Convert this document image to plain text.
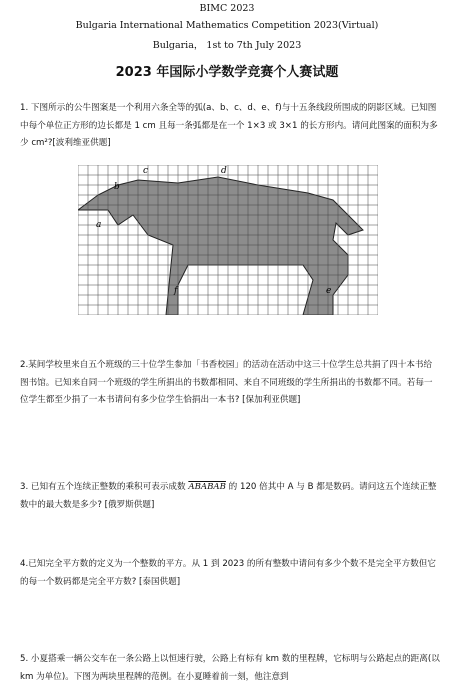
BIMC 2023
Bulgaria International Mathematics Competition 2023(Virtual)
Bulgaria， 1st to 7th July 2023
2023 年国际小学数学竞赛个人赛试题
1. 下图所示的公牛图案是一个利用六条全等的弧(a、b、c、d、e、f)与十五条线段所围成的阴影区域。已知图中每个单位正方形的边长都是 1 cm 且每一条弧都是在一个 1×3 或 3×1 的长方形内。请问此图案的面积为多少 cm²?[波利维亚供题]
a
b
c	d
e
f
2.某间学校里来自五个班级的三十位学生参加「书香校园」的活动在活动中这三十位学生总共捐了四十本书给图书馆。已知来自同一个班级的学生所捐出的书数都相同、来自不同班级的学生所捐出的书数都不同。若每一位学生都至少捐了一本书请问有多少位学生恰捐出一本书? [保加利亚供题]
3. 已知有五个连续正整数的乘积可表示成数 ABABAB 的 120 倍其中 A 与 B 都是数码。请问这五个连续正整数中的最大数是多少? [俄罗斯供题]
4.已知完全平方数的定义为一个整数的平方。从 1 到 2023 的所有整数中请问有多少个数不是完全平方数但它的每一个数码都是完全平方数? [泰国供题]
5. 小夏搭乘一辆公交车在一条公路上以恒速行驶，公路上有标有 km 数的里程牌，它标明与公路起点的距离(以 km 为单位)。下图为两块里程牌的范例。在小夏睡着前一刻，他注意到
